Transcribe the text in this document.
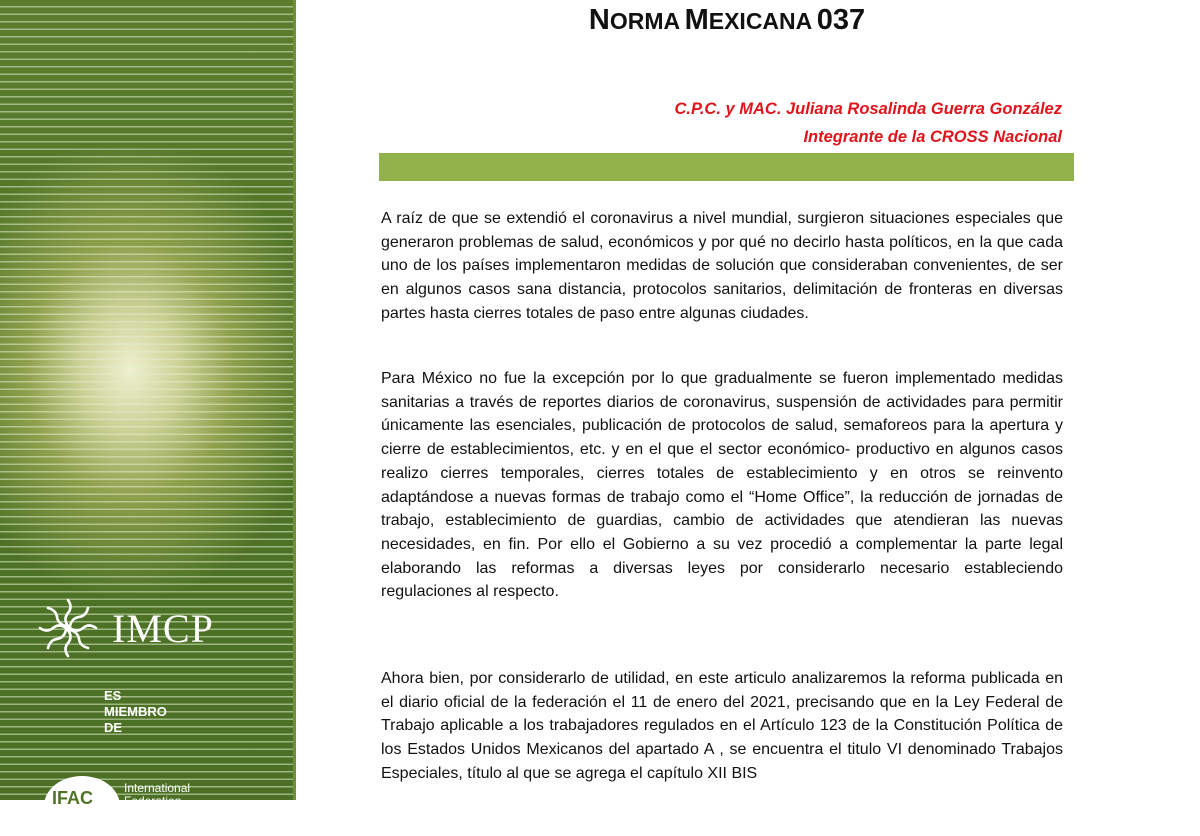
IMCP
ES
MIEMBRO
DE
IFAC	International
Federation
NORMA MEXICANA 037
C.P.C. y MAC. Juliana Rosalinda Guerra González
Integrante de la CROSS Nacional

A raíz de que se extendió el coronavirus a nivel mundial, surgieron situaciones especiales que generaron problemas de salud, económicos y por qué no decirlo hasta políticos, en la que cada uno de los países implementaron medidas de solución que consideraban convenientes, de ser en algunos casos sana distancia, protocolos sanitarios, delimitación de fronteras en diversas partes hasta cierres totales de paso entre algunas ciudades.

Para México no fue la excepción por lo que gradualmente se fueron implementado medidas sanitarias a través de reportes diarios de coronavirus, suspensión de actividades para permitir únicamente las esenciales, publicación de protocolos de salud, semaforeos para la apertura y cierre de establecimientos, etc. y en el que el sector económico- productivo en algunos casos realizo cierres temporales, cierres totales de establecimiento y en otros se reinvento adaptándose a nuevas formas de trabajo como el “Home Office”, la reducción de jornadas de trabajo, establecimiento de guardias, cambio de actividades que atendieran las nuevas necesidades, en fin. Por ello el Gobierno a su vez procedió a complementar la parte legal elaborando las reformas a diversas leyes por considerarlo necesario estableciendo regulaciones al respecto.

Ahora bien, por considerarlo de utilidad, en este articulo analizaremos la reforma publicada en el diario oficial de la federación el 11 de enero del 2021, precisando que en la Ley Federal de Trabajo aplicable a los trabajadores regulados en el Artículo 123 de la Constitución Política de los Estados Unidos Mexicanos del apartado A , se encuentra el titulo VI denominado Trabajos Especiales, título al que se agrega el capítulo XII BIS
